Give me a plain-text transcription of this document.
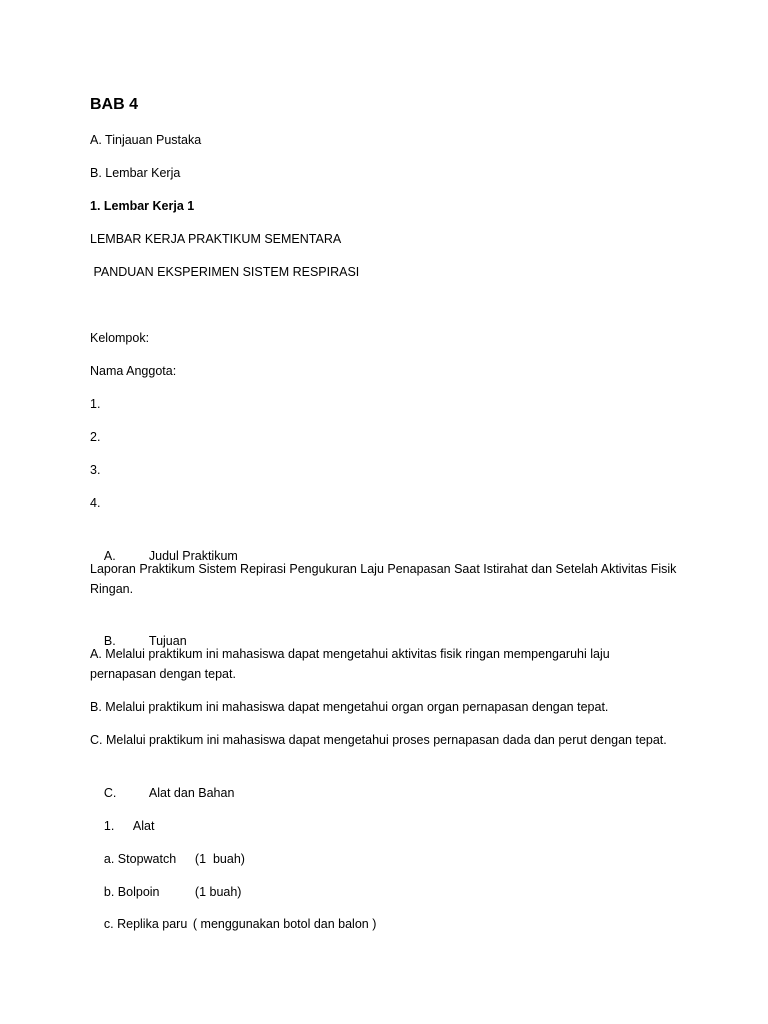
BAB 4
A. Tinjauan Pustaka
B. Lembar Kerja
1. Lembar Kerja 1
LEMBAR KERJA PRAKTIKUM SEMENTARA
PANDUAN EKSPERIMEN SISTEM RESPIRASI
Kelompok:
Nama Anggota:
1.
2.
3.
4.

A.	Judul Praktikum

Laporan Praktikum Sistem Repirasi Pengukuran Laju Penapasan Saat Istirahat dan Setelah Aktivitas Fisik Ringan.

B.	Tujuan

A. Melalui praktikum ini mahasiswa dapat mengetahui aktivitas fisik ringan mempengaruhi laju pernapasan dengan tepat.
B. Melalui praktikum ini mahasiswa dapat mengetahui organ organ pernapasan dengan tepat.
C. Melalui praktikum ini mahasiswa dapat mengetahui proses pernapasan dada dan perut dengan tepat.

C.	Alat dan Bahan

1. Alat

a. Stopwatch (1  buah)

b. Bolpoin	(1 buah)

c. Replika paru ( menggunakan botol dan balon )
